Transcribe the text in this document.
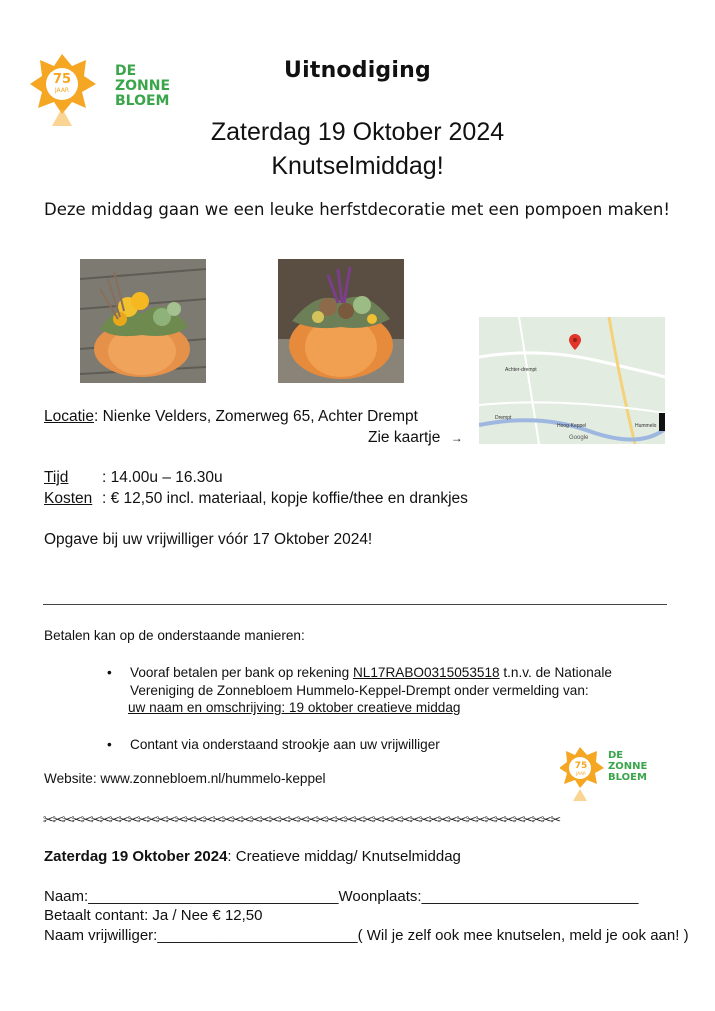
75
JAAR
DE
ZONNE
BLOEM
Uitnodiging
Zaterdag 19 Oktober 2024
Knutselmiddag!
Deze middag gaan we een leuke herfstdecoratie met een pompoen maken!
Achter-drempt
Drempt
Hoog-Keppel	Hummelo
Google
Locatie: Nienke Velders, Zomerweg 65, Achter Drempt
Zie kaartje →
Tijd : 14.00u – 16.30u
Kosten : € 12,50 incl. materiaal, kopje koffie/thee en drankjes
Opgave bij uw vrijwilliger vóór 17 Oktober 2024!
Betalen kan op de onderstaande manieren:
• Vooraf betalen per bank op rekening NL17RABO0315053518 t.n.v. de Nationale
Vereniging de Zonnebloem Hummelo-Keppel-Drempt onder vermelding van:
uw naam en omschrijving: 19 oktober creatieve middag
• Contant via onderstaand strookje aan uw vrijwilliger
Website: www.zonnebloem.nl/hummelo-keppel
75
JAAR
DE
ZONNE
BLOEM
✂✂✂✂✂✂✂✂✂✂✂✂✂✂✂✂✂✂✂✂✂✂✂✂✂✂✂✂✂✂✂✂✂✂✂✂✂✂✂✂✂✂✂✂✂✂✂✂✂✂✂✂✂✂✂
Zaterdag 19 Oktober 2024: Creatieve middag/ Knutselmiddag
Naam:______________________________Woonplaats:__________________________
Betaalt contant: Ja / Nee € 12,50
Naam vrijwilliger:________________________( Wil je zelf ook mee knutselen, meld je ook aan! )
